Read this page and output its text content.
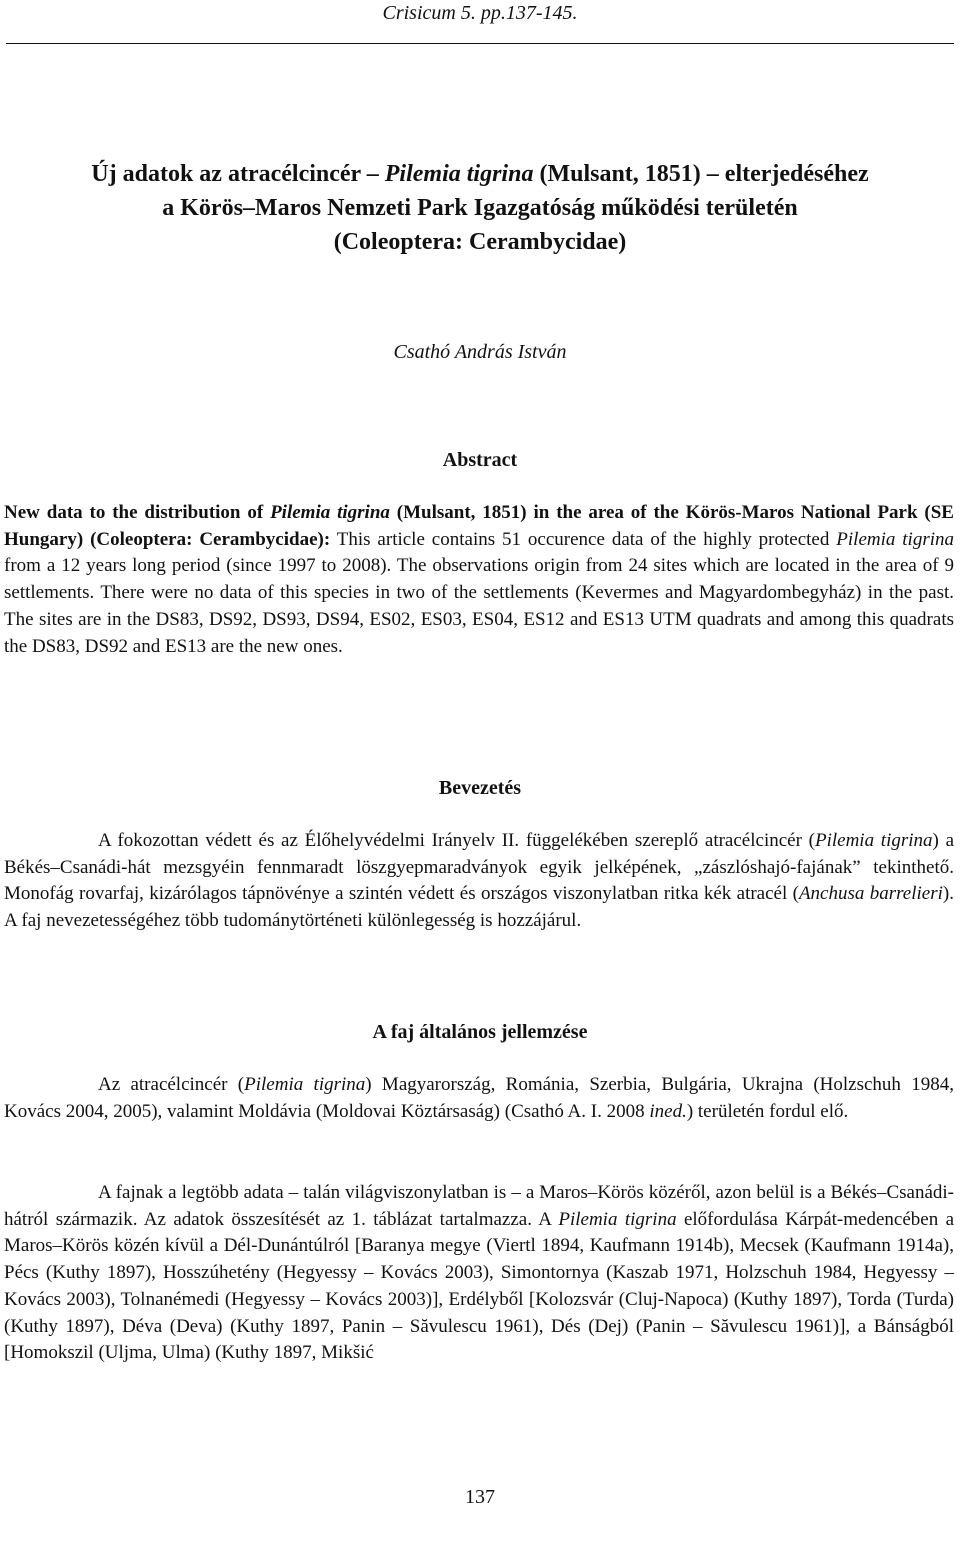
Crisicum 5. pp.137-145.
Új adatok az atracélcincér – Pilemia tigrina (Mulsant, 1851) – elterjedéséhez
a Körös–Maros Nemzeti Park Igazgatóság működési területén
(Coleoptera: Cerambycidae)
Csathó András István
Abstract
New data to the distribution of Pilemia tigrina (Mulsant, 1851) in the area of the Körös-Maros National Park (SE Hungary) (Coleoptera: Cerambycidae): This article contains 51 occurence data of the highly protected Pilemia tigrina from a 12 years long period (since 1997 to 2008). The observations origin from 24 sites which are located in the area of 9 settlements. There were no data of this species in two of the settlements (Kevermes and Magyardombegyház) in the past. The sites are in the DS83, DS92, DS93, DS94, ES02, ES03, ES04, ES12 and ES13 UTM quadrats and among this quadrats the DS83, DS92 and ES13 are the new ones.
Bevezetés
A fokozottan védett és az Élőhelyvédelmi Irányelv II. függelékében szereplő atracélcincér (Pilemia tigrina) a Békés–Csanádi-hát mezsgyéin fennmaradt löszgyepmaradványok egyik jelképének, „zászlóshajó-fajának” tekinthető. Monofág rovarfaj, kizárólagos tápnövénye a szintén védett és országos viszonylatban ritka kék atracél (Anchusa barrelieri). A faj nevezetességéhez több tudománytörténeti különlegesség is hozzájárul.
A faj általános jellemzése
Az atracélcincér (Pilemia tigrina) Magyarország, Románia, Szerbia, Bulgária, Ukrajna (Holzschuh 1984, Kovács 2004, 2005), valamint Moldávia (Moldovai Köztársaság) (Csathó A. I. 2008 ined.) területén fordul elő.
A fajnak a legtöbb adata – talán világviszonylatban is – a Maros–Körös közéről, azon belül is a Békés–Csanádi-hátról származik. Az adatok összesítését az 1. táblázat tartalmazza. A Pilemia tigrina előfordulása Kárpát-medencében a Maros–Körös közén kívül a Dél-Dunántúlról [Baranya megye (Viertl 1894, Kaufmann 1914b), Mecsek (Kaufmann 1914a), Pécs (Kuthy 1897), Hosszúhetény (Hegyessy – Kovács 2003), Simontornya (Kaszab 1971, Holzschuh 1984, Hegyessy – Kovács 2003), Tolnanémedi (Hegyessy – Kovács 2003)], Erdélyből [Kolozsvár (Cluj-Napoca) (Kuthy 1897), Torda (Turda) (Kuthy 1897), Déva (Deva) (Kuthy 1897, Panin – Săvulescu 1961), Dés (Dej) (Panin – Săvulescu 1961)], a Bánságból [Homokszil (Uljma, Ulma) (Kuthy 1897, Mikšić
137
